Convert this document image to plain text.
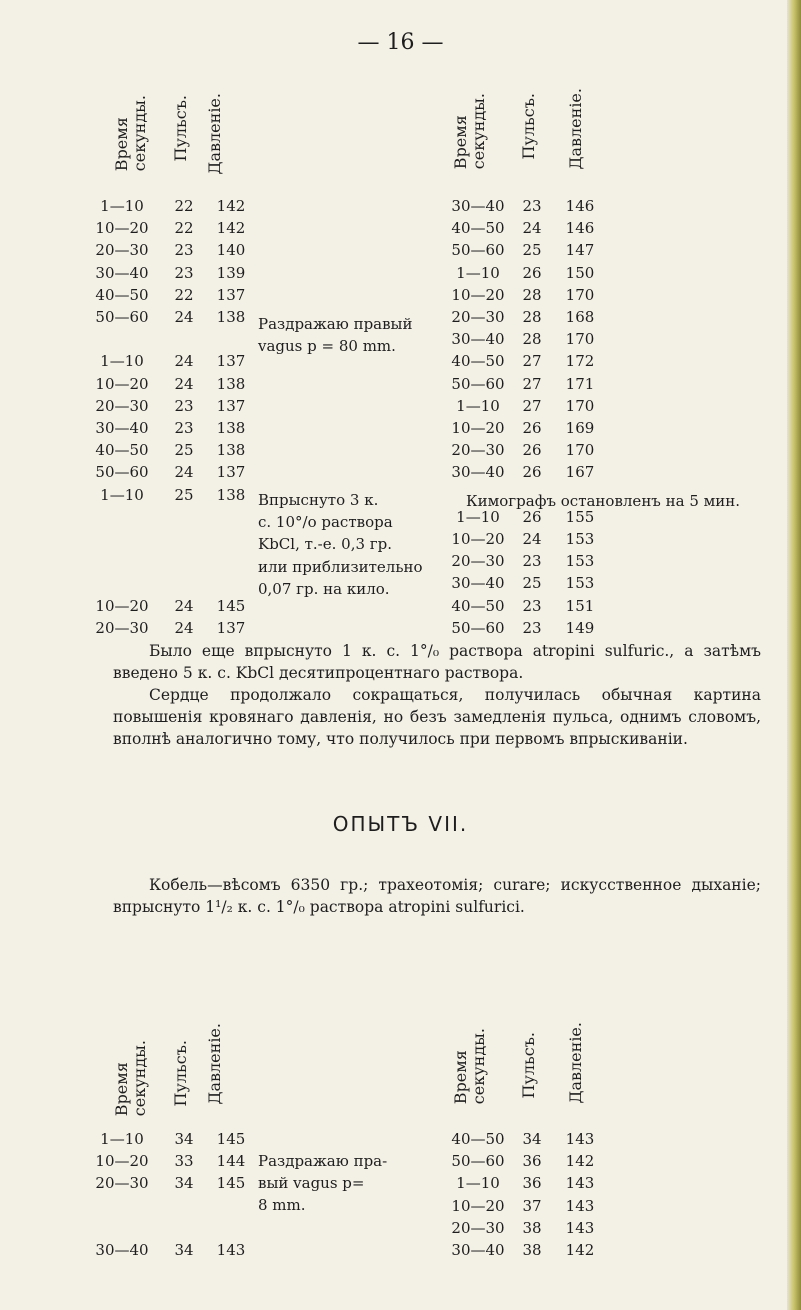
— 16 —
Время
секунды. Пульсъ. Давленіе.	Время
секунды. Пульсъ. Давленіе.
1—10	22	142
10—20	22	142
20—30	23	140
30—40	23	139
40—50	22	137
50—60	24	138
1—10	24	137
10—20	24	138
20—30	23	137
30—40	23	138
40—50	25	138
50—60	24	137
1—10	25	138
10—20	24	145
20—30	24	137
30—40	23	146
40—50	24	146
50—60	25	147
1—10	26	150
10—20	28	170
20—30	28	168
30—40	28	170
40—50	27	172
50—60	27	171
1—10	27	170
10—20	26	169
20—30	26	170
30—40	26	167
1—10	26	155
10—20	24	153
20—30	23	153
30—40	25	153
40—50	23	151
50—60	23	149
Раздражаю правый
vagus p = 80 mm.
Впрыснуто 3 к.
с. 10°/о раствора
KbCl, т.-е. 0,3 гр.
или приблизительно
0,07 гр. на кило.
Кимографъ остановленъ на 5 мин.
Было еще впрыснуто 1 к. с. 1°/₀ раствора atropini sulfuric., а затѣмъ введено 5 к. с. KbCl десятипроцентнаго раствора.
Сердце продолжало сокращаться, получилась обычная картина повышенія кровянаго давленія, но безъ замедленія пульса, однимъ словомъ, вполнѣ аналогично тому, что получилось при первомъ впрыскиваніи.
ОПЫТЪ VII.
Кобель—вѣсомъ 6350 гр.; трахеотомія; curare; искусственное дыханіе; впрыснуто 1¹/₂ к. с. 1°/₀ раствора atropini sulfurici.
Время
секунды. Пульсъ. Давленіе.	Время
секунды. Пульсъ. Давленіе.
1—10	34	145
10—20	33	144
20—30	34	145
30—40	34	143
40—50	34	143
50—60	36	142
1—10	36	143
10—20	37	143
20—30	38	143
30—40	38	142
Раздражаю пра-
вый vagus p=
8 mm.
